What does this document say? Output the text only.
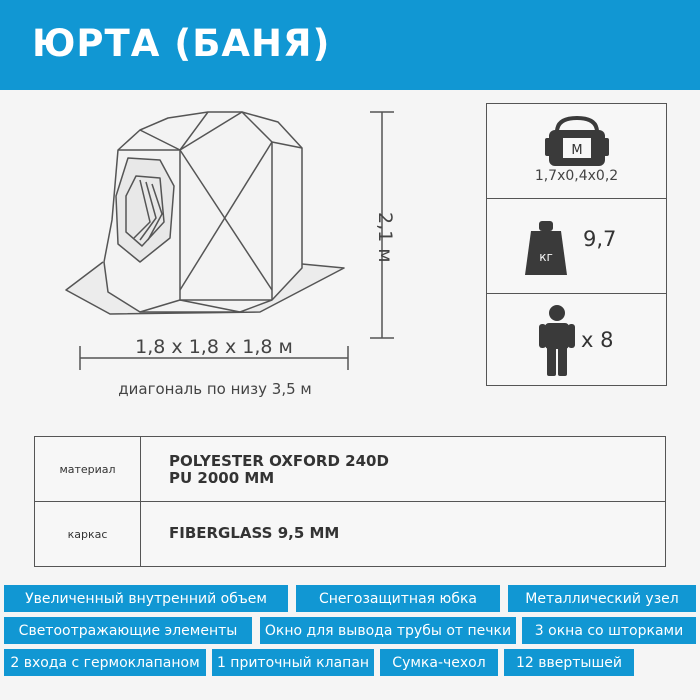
ЮРТА (БАНЯ)
1,8 x 1,8 x 1,8 м
диагональ по низу 3,5 м
2,1 м
M
1,7x0,4x0,2
кг
9,7
x 8
материал	POLYESTER OXFORD 240D
PU 2000 MM
каркас	FIBERGLASS 9,5 MM
Увеличенный внутренний объем	Снегозащитная юбка	Металлический узел
Светоотражающие элементы	Окно для вывода трубы от печки	3 окна со шторками
2 входа с гермоклапаном	1 приточный клапан	Сумка-чехол	12 ввертышей
